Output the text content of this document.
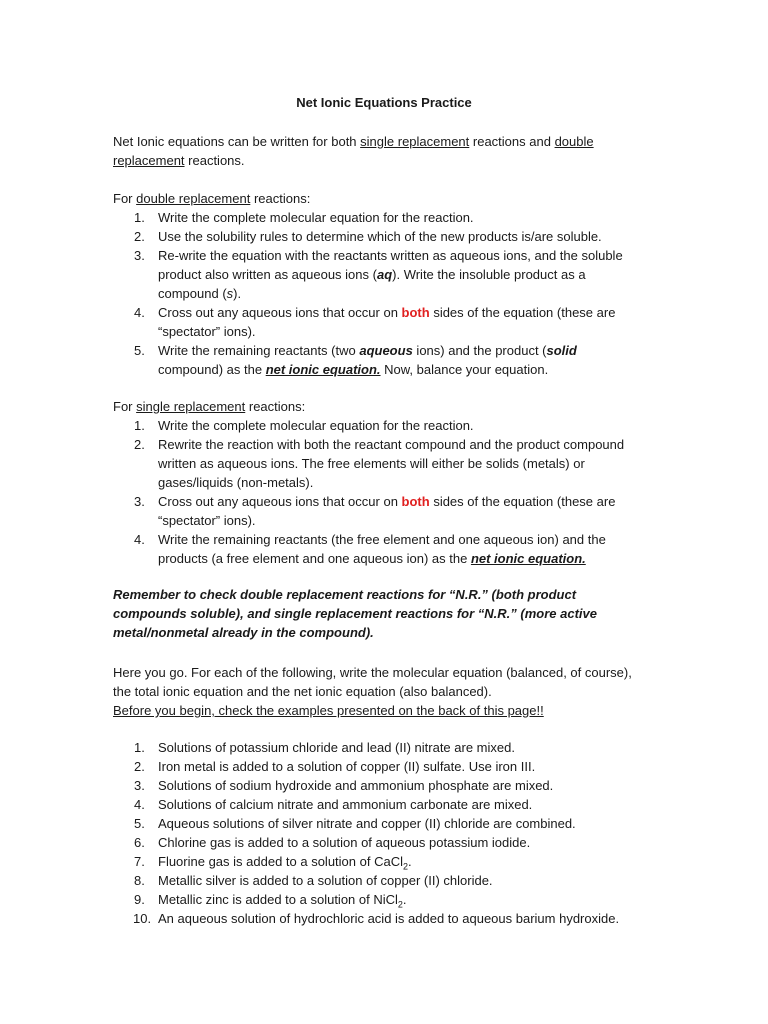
Net Ionic Equations Practice

Net Ionic equations can be written for both single replacement reactions and double
replacement reactions.

For double replacement reactions:

1.	Write the complete molecular equation for the reaction.
2.	Use the solubility rules to determine which of the new products is/are soluble.
3.	Re-write the equation with the reactants written as aqueous ions, and the soluble product also written as aqueous ions (aq). Write the insoluble product as a compound (s).
4.	Cross out any aqueous ions that occur on both sides of the equation (these are “spectator” ions).
5.	Write the remaining reactants (two aqueous ions) and the product (solid compound) as the net ionic equation. Now, balance your equation.

For single replacement reactions:

1.	Write the complete molecular equation for the reaction.
2.	Rewrite the reaction with both the reactant compound and the product compound written as aqueous ions. The free elements will either be solids (metals) or gases/liquids (non-metals).
3.	Cross out any aqueous ions that occur on both sides of the equation (these are “spectator” ions).
4.	Write the remaining reactants (the free element and one aqueous ion) and the products (a free element and one aqueous ion) as the net ionic equation.

Remember to check double replacement reactions for “N.R.” (both product compounds soluble), and single replacement reactions for “N.R.” (more active metal/nonmetal already in the compound).

Here you go. For each of the following, write the molecular equation (balanced, of course), the total ionic equation and the net ionic equation (also balanced).

Before you begin, check the examples presented on the back of this page!!

1.	Solutions of potassium chloride and lead (II) nitrate are mixed.
2.	Iron metal is added to a solution of copper (II) sulfate. Use iron III.
3.	Solutions of sodium hydroxide and ammonium phosphate are mixed.
4.	Solutions of calcium nitrate and ammonium carbonate are mixed.
5.	Aqueous solutions of silver nitrate and copper (II) chloride are combined.
6.	Chlorine gas is added to a solution of aqueous potassium iodide.
7.	Fluorine gas is added to a solution of CaCl$_2$.
8.	Metallic silver is added to a solution of copper (II) chloride.
9.	Metallic zinc is added to a solution of NiCl$_2$.
10. An aqueous solution of hydrochloric acid is added to aqueous barium hydroxide.
